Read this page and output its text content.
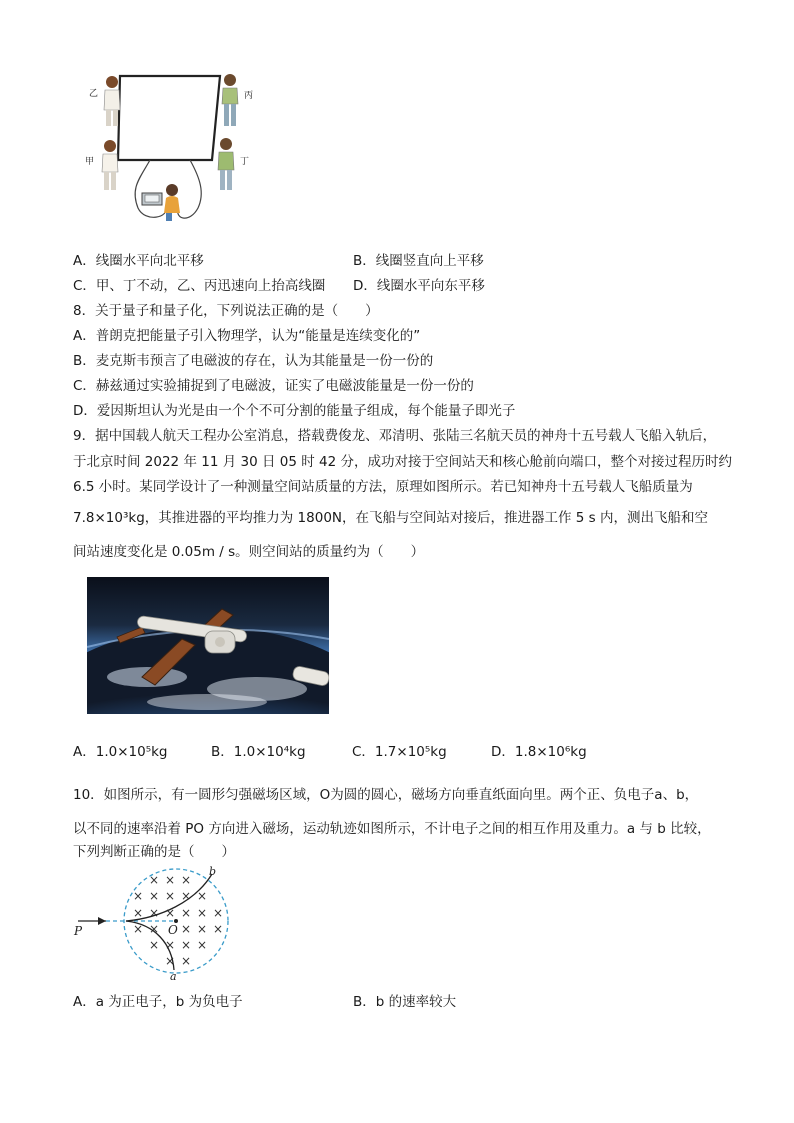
乙	丙
甲	丁
A．线圈水平向北平移	B．线圈竖直向上平移
C．甲、丁不动，乙、丙迅速向上抬高线圈 D．线圈水平向东平移
8．关于量子和量子化，下列说法正确的是（　　）
A．普朗克把能量子引入物理学，认为“能量是连续变化的”
B．麦克斯韦预言了电磁波的存在，认为其能量是一份一份的
C．赫兹通过实验捕捉到了电磁波，证实了电磁波能量是一份一份的
D．爱因斯坦认为光是由一个个不可分割的能量子组成，每个能量子即光子
9．据中国载人航天工程办公室消息，搭载费俊龙、邓清明、张陆三名航天员的神舟十五号载人飞船入轨后，
于北京时间 2022 年 11 月 30 日 05 时 42 分，成功对接于空间站天和核心舱前向端口，整个对接过程历时约
6.5 小时。某同学设计了一种测量空间站质量的方法，原理如图所示。若已知神舟十五号载人飞船质量为
7.8×10³kg，其推进器的平均推力为 1800N，在飞船与空间站对接后，推进器工作 5 s 内，测出飞船和空
间站速度变化是 0.05m / s。则空间站的质量约为（　　）
A．1.0×10⁵kg	B．1.0×10⁴kg	C．1.7×10⁵kg	D．1.8×10⁶kg
10．如图所示，有一圆形匀强磁场区域，O为圆的圆心，磁场方向垂直纸面向里。两个正、负电子a、b，
以不同的速率沿着 PO 方向进入磁场，运动轨迹如图所示，不计电子之间的相互作用及重力。a 与 b 比较，
下列判断正确的是（　　）
× × ×
× × × × ×
× × × × × ×
× × × × ×
× × × ×
× ×
P	O
b
a
A．a 为正电子，b 为负电子	B．b 的速率较大
